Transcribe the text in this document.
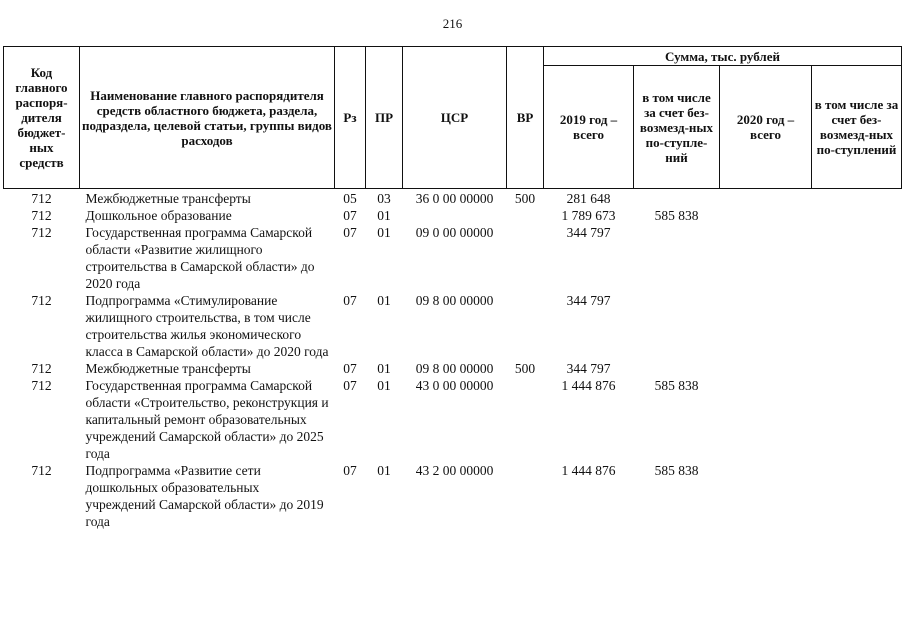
216
Код главного распоря-дителя бюджет-ных средств	Наименование главного распорядителя средств областного бюджета, раздела, подраздела, целевой статьи, группы видов расходов	Рз	ПР	ЦСР	ВР	Сумма, тыс. рублей			
						2019 год – всего	в том числе за счет без-возмезд-ных по-ступле-ний	2020 год – всего	в том числе за счет без-возмезд-ных по-ступлений
712	Межбюджетные трансферты	05	03	36 0 00 00000	500	281 648			
712	Дошкольное образование	07	01			1 789 673	585 838		
712	Государственная программа Самарской области «Развитие жилищного строительства в Самарской области» до 2020 года	07	01	09 0 00 00000		344 797			
712	Подпрограмма «Стимулирование жилищного строительства, в том числе строительства жилья экономического класса в Самарской области» до 2020 года	07	01	09 8 00 00000		344 797			
712	Межбюджетные трансферты	07	01	09 8 00 00000	500	344 797			
712	Государственная программа Самарской области «Строительство, реконструкция и капитальный ремонт образовательных учреждений Самарской области» до 2025 года	07	01	43 0 00 00000		1 444 876	585 838		
712	Подпрограмма «Развитие сети дошкольных образовательных учреждений Самарской области» до 2019 года	07	01	43 2 00 00000		1 444 876	585 838		
